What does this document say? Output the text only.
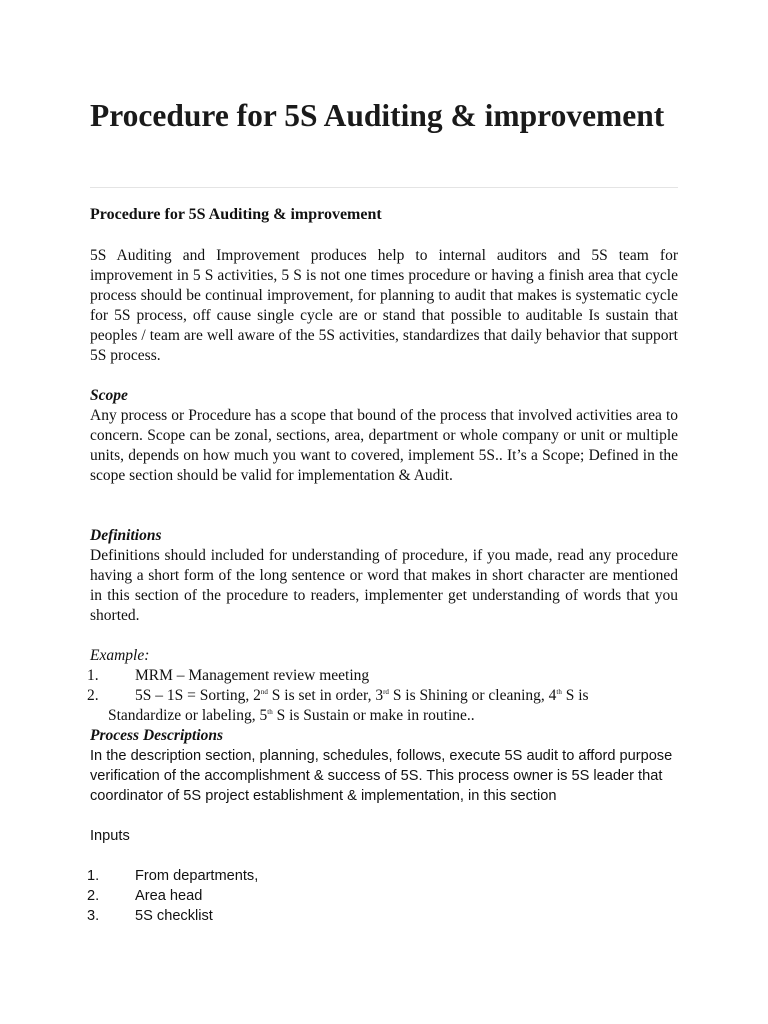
Procedure for 5S Auditing & improvement
Procedure for 5S Auditing & improvement

5S Auditing and Improvement produces help to internal auditors and 5S team for improvement in 5 S activities, 5 S is not one times procedure or having a finish area that cycle process should be continual improvement, for planning to audit that makes is systematic cycle for 5S process, off cause single cycle are or stand that possible to auditable Is sustain that peoples / team are well aware of the 5S activities, standardizes that daily behavior that support 5S process.

Scope

Any process or Procedure has a scope that bound of the process that involved activities area to concern. Scope can be zonal, sections, area, department or whole company or unit or multiple units, depends on how much you want to covered, implement 5S.. It’s a Scope; Defined in the scope section should be valid for implementation & Audit.

Definitions

Definitions should included for understanding of procedure, if you made, read any procedure having a short form of the long sentence or word that makes in short character are mentioned in this section of the procedure to readers, implementer get understanding of words that you shorted.

Example:

1. MRM – Management review meeting
2. 5S – 1S = Sorting, 2nd S is set in order, 3rd S is Shining or cleaning, 4th S is
Standardize or labeling, 5th S is Sustain or make in routine..

Process Descriptions

In the description section, planning, schedules, follows, execute 5S audit to afford purpose verification of the accomplishment & success of 5S. This process owner is 5S leader that coordinator of 5S project establishment & implementation, in this section

Inputs

1. From departments,
2. Area head
3. 5S checklist
